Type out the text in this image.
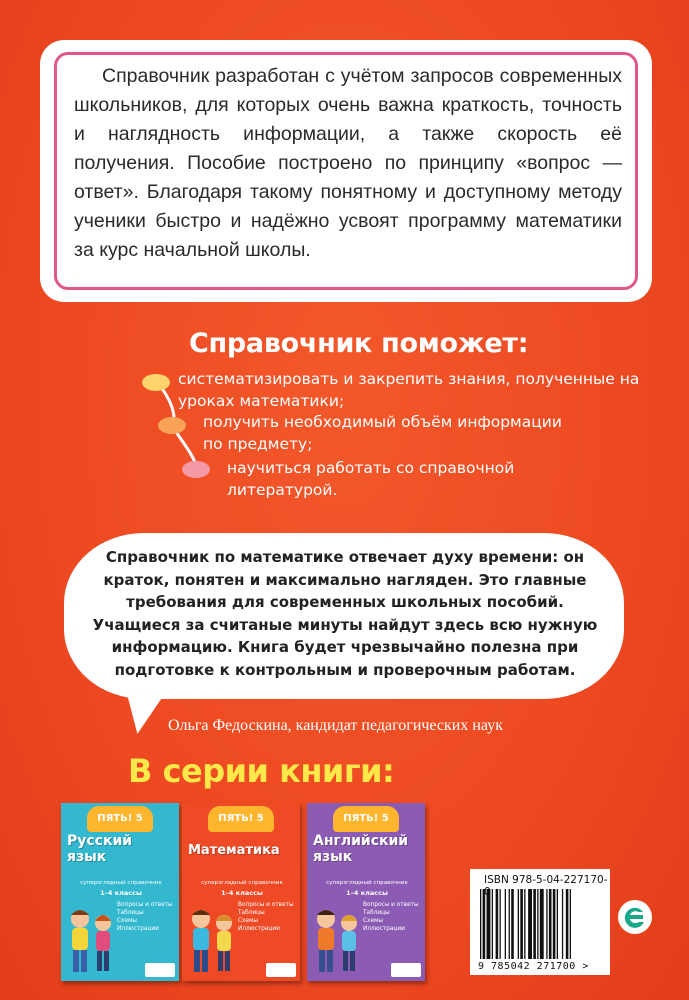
Справочник разработан с учётом запросов современных школьников, для которых очень важна краткость, точность и наглядность информации, а также скорость её получения. Пособие построено по принципу «вопрос — ответ». Благодаря такому понятному и доступному методу ученики быстро и надёжно усвоят программу математики за курс начальной школы.

Справочник поможет:

систематизировать и закрепить знания, полученные на уроках математики;

получить необходимый объём информации по предмету;

научиться работать со справочной литературой.

Справочник по математике отвечает духу времени: он краток, понятен и максимально нагляден. Это главные требования для современных школьных пособий. Учащиеся за считаные минуты найдут здесь всю нужную информацию. Книга будет чрезвычайно полезна при подготовке к контрольным и проверочным работам.

Ольга Федоскина, кандидат педагогических наук

В серии книги:
ПЯТЬ! 5

Русский язык

суперзглядный справочник

1–4 классы

Вопросы и ответы
Таблицы
Схемы
Иллюстрации
ПЯТЬ! 5

Математика

суперзглядный справочник

1–4 классы

Вопросы и ответы
Таблицы
Схемы
Иллюстрации
ПЯТЬ! 5

Английский язык

суперзглядный справочник

1–4 классы

Вопросы и ответы
Таблицы
Схемы
Иллюстрации

ISBN 978-5-04-227170-

9 785042 271700 >
